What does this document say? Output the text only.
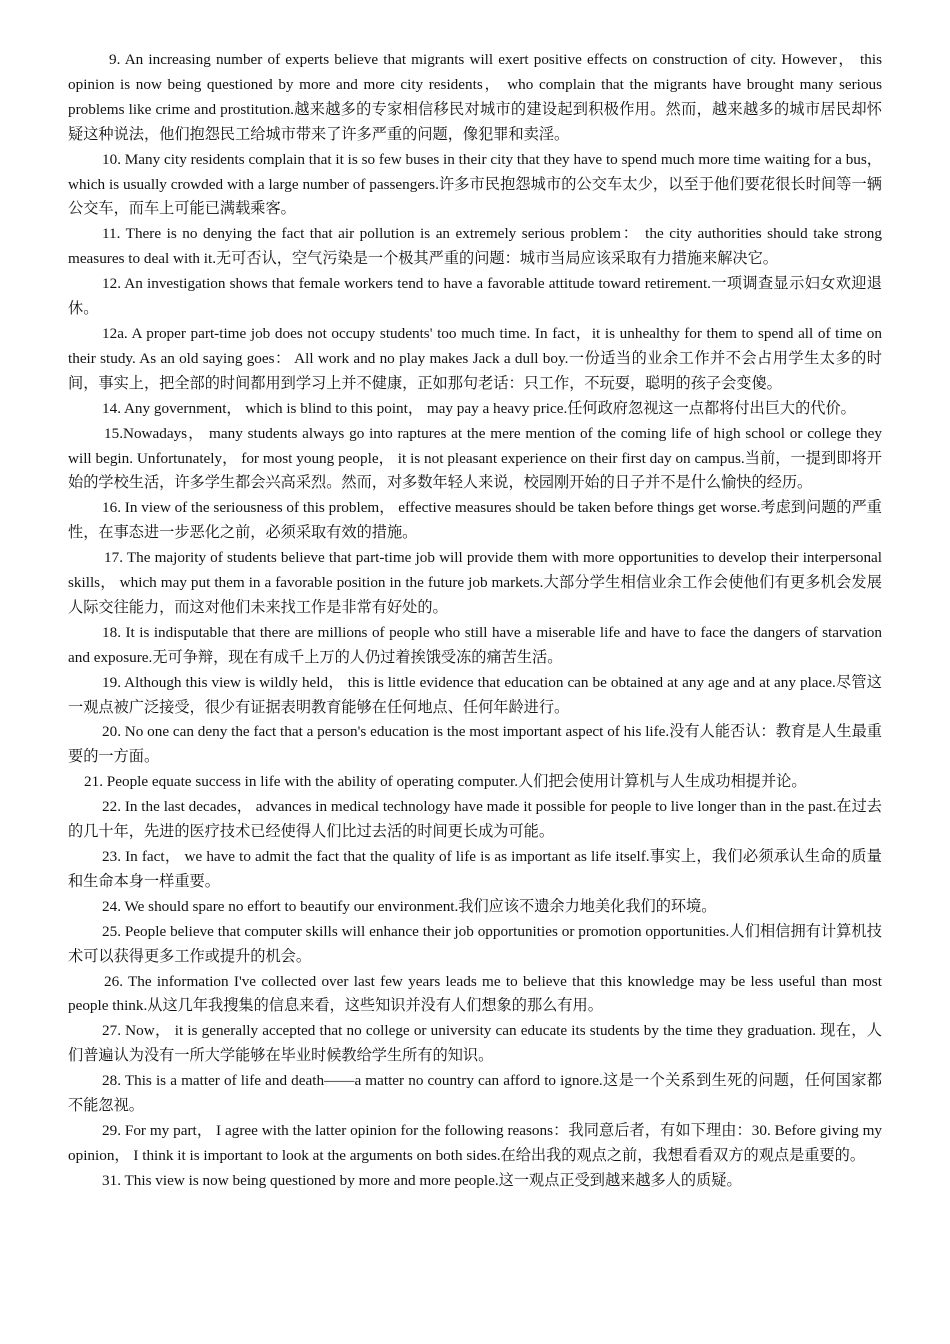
9. An increasing number of experts believe that migrants will exert positive effects on construction of city. However， this opinion is now being questioned by more and more city residents， who complain that the migrants have brought many serious problems like crime and prostitution.越来越多的专家相信移民对城市的建设起到积极作用。然而，越来越多的城市居民却怀疑这种说法，他们抱怨民工给城市带来了许多严重的问题，像犯罪和卖淫。

10. Many city residents complain that it is so few buses in their city that they have to spend much more time waiting for a bus，which is usually crowded with a large number of passengers.许多市民抱怨城市的公交车太少，以至于他们要花很长时间等一辆公交车，而车上可能已满载乘客。

11. There is no denying the fact that air pollution is an extremely serious problem： the city authorities should take strong measures to deal with it.无可否认，空气污染是一个极其严重的问题：城市当局应该采取有力措施来解决它。

12. An investigation shows that female workers tend to have a favorable attitude toward retirement.一项调查显示妇女欢迎退休。

12a. A proper part-time job does not occupy students' too much time. In fact，it is unhealthy for them to spend all of time on their study. As an old saying goes： All work and no play makes Jack a dull boy.一份适当的业余工作并不会占用学生太多的时间，事实上，把全部的时间都用到学习上并不健康，正如那句老话：只工作，不玩耍，聪明的孩子会变傻。

14. Any government， which is blind to this point， may pay a heavy price.任何政府忽视这一点都将付出巨大的代价。

15.Nowadays， many students always go into raptures at the mere mention of the coming life of high school or college they will begin. Unfortunately， for most young people， it is not pleasant experience on their first day on campus.当前，一提到即将开始的学校生活，许多学生都会兴高采烈。然而，对多数年轻人来说，校园刚开始的日子并不是什么愉快的经历。

16. In view of the seriousness of this problem， effective measures should be taken before things get worse.考虑到问题的严重性，在事态进一步恶化之前，必须采取有效的措施。

17. The majority of students believe that part-time job will provide them with more opportunities to develop their interpersonal skills， which may put them in a favorable position in the future job markets.大部分学生相信业余工作会使他们有更多机会发展人际交往能力，而这对他们未来找工作是非常有好处的。

18. It is indisputable that there are millions of people who still have a miserable life and have to face the dangers of starvation and exposure.无可争辩，现在有成千上万的人仍过着挨饿受冻的痛苦生活。

19. Although this view is wildly held， this is little evidence that education can be obtained at any age and at any place.尽管这一观点被广泛接受，很少有证据表明教育能够在任何地点、任何年龄进行。

20. No one can deny the fact that a person's education is the most important aspect of his life.没有人能否认：教育是人生最重要的一方面。

21. People equate success in life with the ability of operating computer.人们把会使用计算机与人生成功相提并论。

22. In the last decades， advances in medical technology have made it possible for people to live longer than in the past.在过去的几十年，先进的医疗技术已经使得人们比过去活的时间更长成为可能。

23. In fact， we have to admit the fact that the quality of life is as important as life itself.事实上，我们必须承认生命的质量和生命本身一样重要。

24. We should spare no effort to beautify our environment.我们应该不遗余力地美化我们的环境。

25. People believe that computer skills will enhance their job opportunities or promotion opportunities.人们相信拥有计算机技术可以获得更多工作或提升的机会。

26. The information I've collected over last few years leads me to believe that this knowledge may be less useful than most people think.从这几年我搜集的信息来看，这些知识并没有人们想象的那么有用。

27. Now， it is generally accepted that no college or university can educate its students by the time they graduation. 现在，人们普遍认为没有一所大学能够在毕业时候教给学生所有的知识。

28. This is a matter of life and death——a matter no country can afford to ignore.这是一个关系到生死的问题，任何国家都不能忽视。

29. For my part， I agree with the latter opinion for the following reasons：我同意后者，有如下理由：30. Before giving my opinion， I think it is important to look at the arguments on both sides.在给出我的观点之前，我想看看双方的观点是重要的。

31. This view is now being questioned by more and more people.这一观点正受到越来越多人的质疑。
